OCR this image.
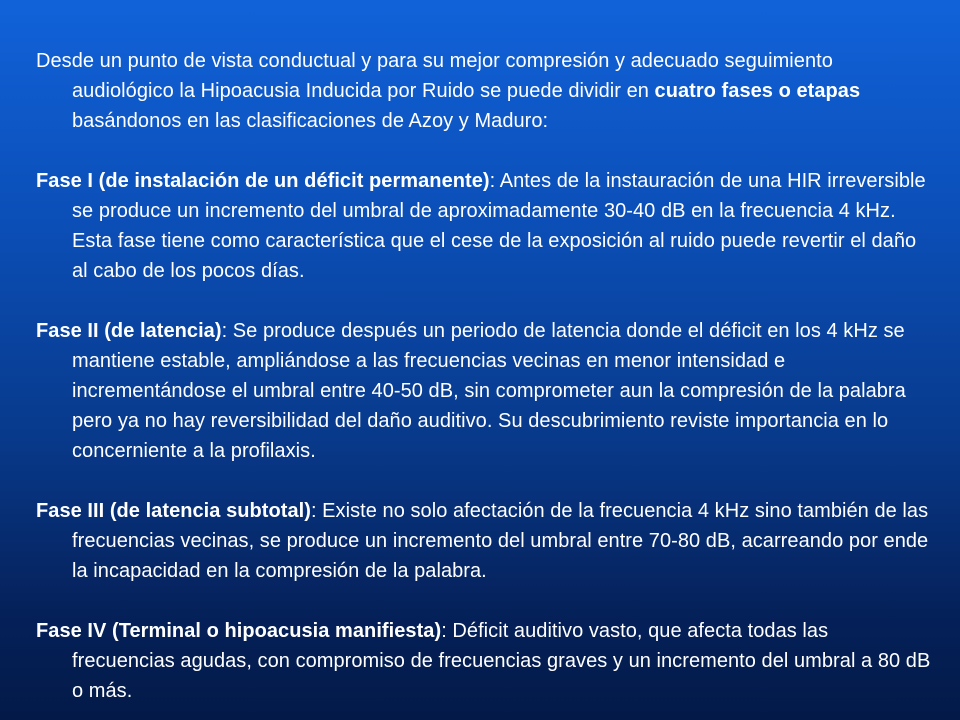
Desde un punto de vista conductual y para su mejor compresión y adecuado seguimiento audiológico la Hipoacusia Inducida por Ruido se puede dividir en cuatro fases o etapas basándonos en las clasificaciones de Azoy y Maduro:

Fase I (de instalación de un déficit permanente): Antes de la instauración de una HIR irreversible se produce un incremento del umbral de aproximadamente 30-40 dB en la frecuencia 4 kHz. Esta fase tiene como característica que el cese de la exposición al ruido puede revertir el daño al cabo de los pocos días.

Fase II (de latencia): Se produce después un periodo de latencia donde el déficit en los 4 kHz se mantiene estable, ampliándose a las frecuencias vecinas en menor intensidad e incrementándose el umbral entre 40-50 dB, sin comprometer aun la compresión de la palabra pero ya no hay reversibilidad del daño auditivo. Su descubrimiento reviste importancia en lo concerniente a la profilaxis.

Fase III (de latencia subtotal): Existe no solo afectación de la frecuencia 4 kHz sino también de las frecuencias vecinas, se produce un incremento del umbral entre 70-80 dB, acarreando por ende la incapacidad en la compresión de la palabra.

Fase IV (Terminal o hipoacusia manifiesta): Déficit auditivo vasto, que afecta todas las frecuencias agudas, con compromiso de frecuencias graves y un incremento del umbral a 80 dB o más.
